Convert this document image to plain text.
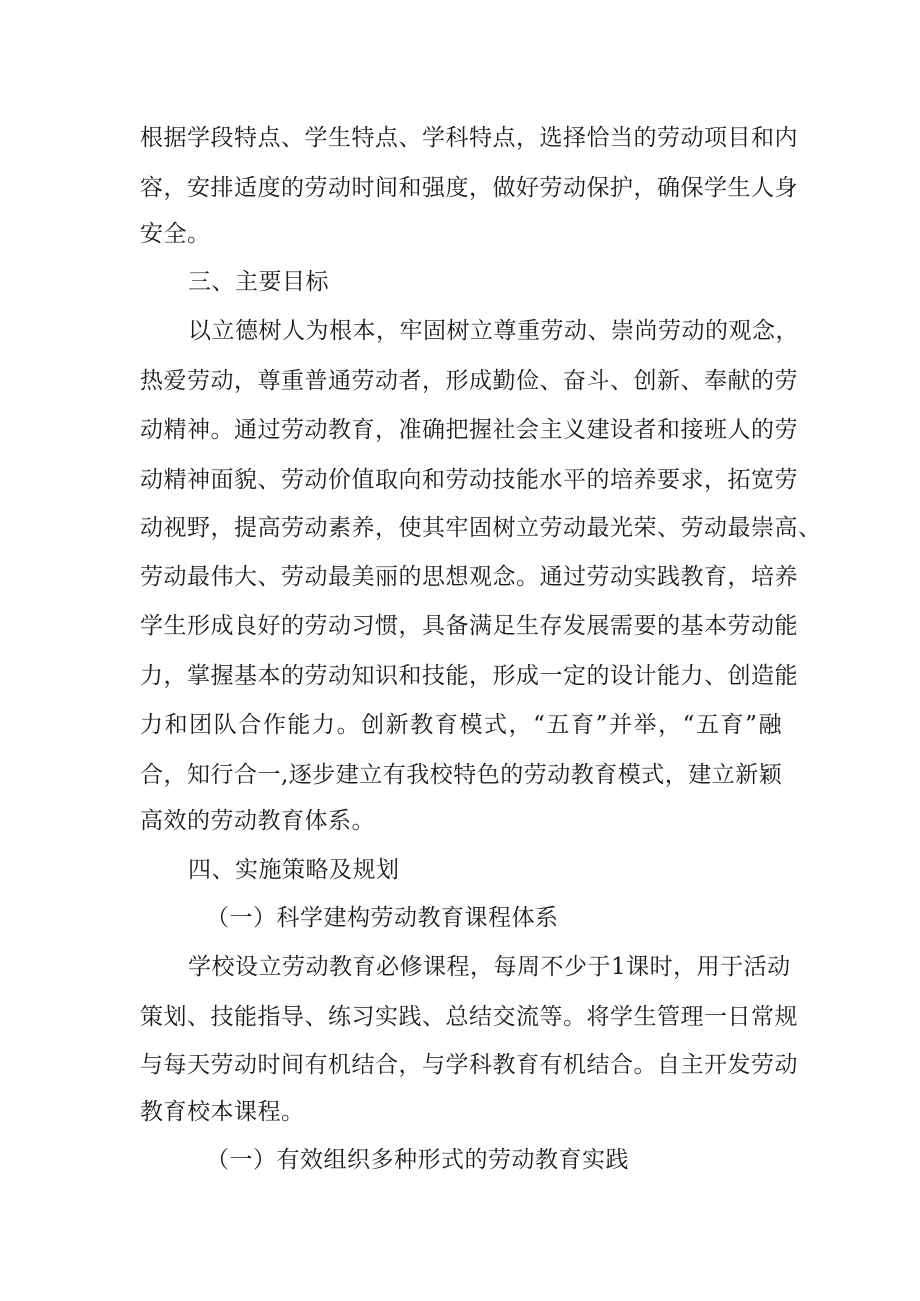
根据学段特点、学生特点、学科特点，选择恰当的劳动项目和内
容，安排适度的劳动时间和强度，做好劳动保护，确保学生人身
安全。
三、主要目标
以立德树人为根本，牢固树立尊重劳动、崇尚劳动的观念，
热爱劳动，尊重普通劳动者，形成勤俭、奋斗、创新、奉献的劳
动精神。通过劳动教育，准确把握社会主义建设者和接班人的劳
动精神面貌、劳动价值取向和劳动技能水平的培养要求，拓宽劳
动视野，提高劳动素养，使其牢固树立劳动最光荣、劳动最崇高、
劳动最伟大、劳动最美丽的思想观念。通过劳动实践教育，培养
学生形成良好的劳动习惯，具备满足生存发展需要的基本劳动能
力，掌握基本的劳动知识和技能，形成一定的设计能力、创造能
力和团队合作能力。创新教育模式，“五育”并举，“五育”融
合，知行合一,逐步建立有我校特色的劳动教育模式，建立新颖
高效的劳动教育体系。
四、实施策略及规划
（一）科学建构劳动教育课程体系
学校设立劳动教育必修课程，每周不少于1课时，用于活动
策划、技能指导、练习实践、总结交流等。将学生管理一日常规
与每天劳动时间有机结合，与学科教育有机结合。自主开发劳动
教育校本课程。
（一）有效组织多种形式的劳动教育实践
